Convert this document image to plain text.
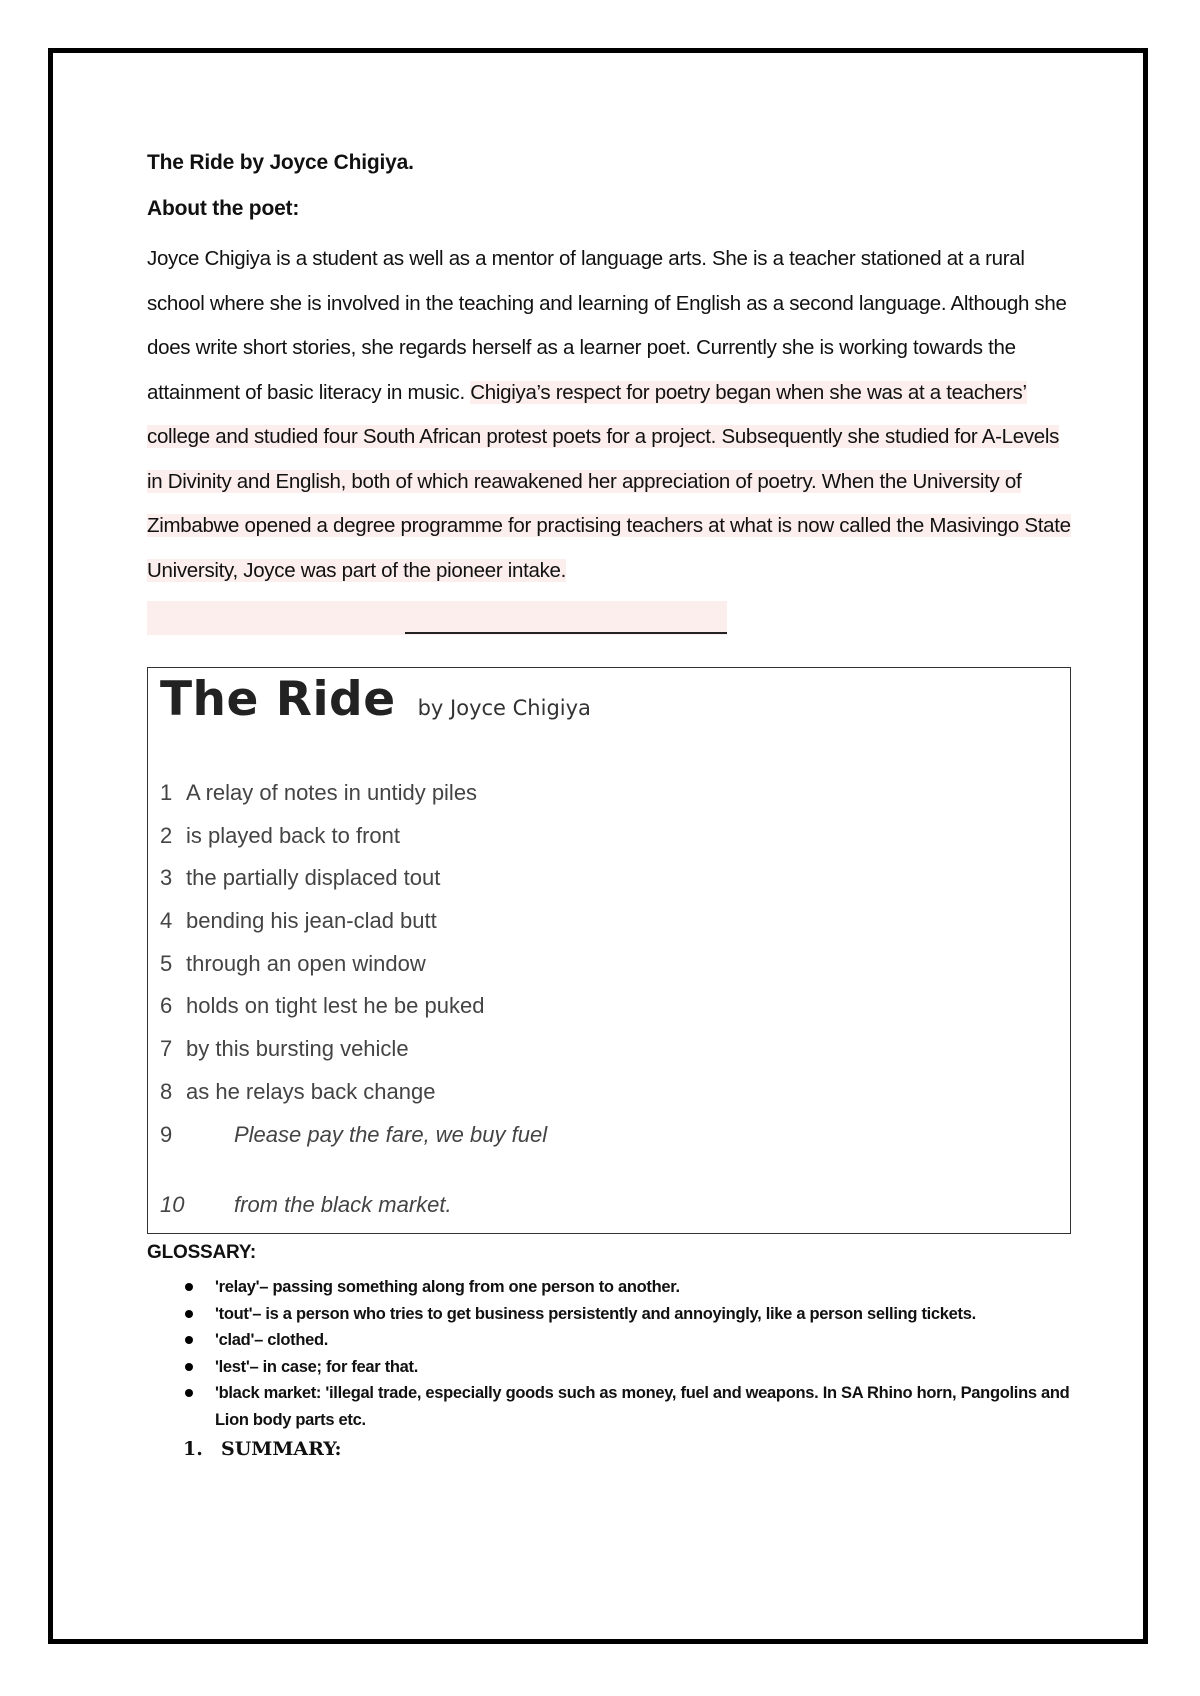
The Ride by Joyce Chigiya.

About the poet:

Joyce Chigiya is a student as well as a mentor of language arts. She is a teacher stationed at a rural school where she is involved in the teaching and learning of English as a second language. Although she does write short stories, she regards herself as a learner poet. Currently she is working towards the attainment of basic literacy in music. Chigiya’s respect for poetry began when she was at a teachers’ college and studied four South African protest poets for a project. Subsequently she studied for A-Levels in Divinity and English, both of which reawakened her appreciation of poetry. When the University of Zimbabwe opened a degree programme for practising teachers at what is now called the Masivingo State University, Joyce was part of the pioneer intake.

The Ride by Joyce Chigiya
1 A relay of notes in untidy piles
2 is played back to front
3 the partially displaced tout
4 bending his jean-clad butt
5 through an open window
6 holds on tight lest he be puked
7 by this bursting vehicle
8 as he relays back change
9	Please pay the fare, we buy fuel
10 from the black market.

GLOSSARY:

'relay'– passing something along from one person to another.
'tout'– is a person who tries to get business persistently and annoyingly, like a person selling tickets.
'clad'– clothed.
'lest'– in case; for fear that.
'black market: 'illegal trade, especially goods such as money, fuel and weapons. In SA Rhino horn, Pangolins and Lion body parts etc.
1. SUMMARY:
